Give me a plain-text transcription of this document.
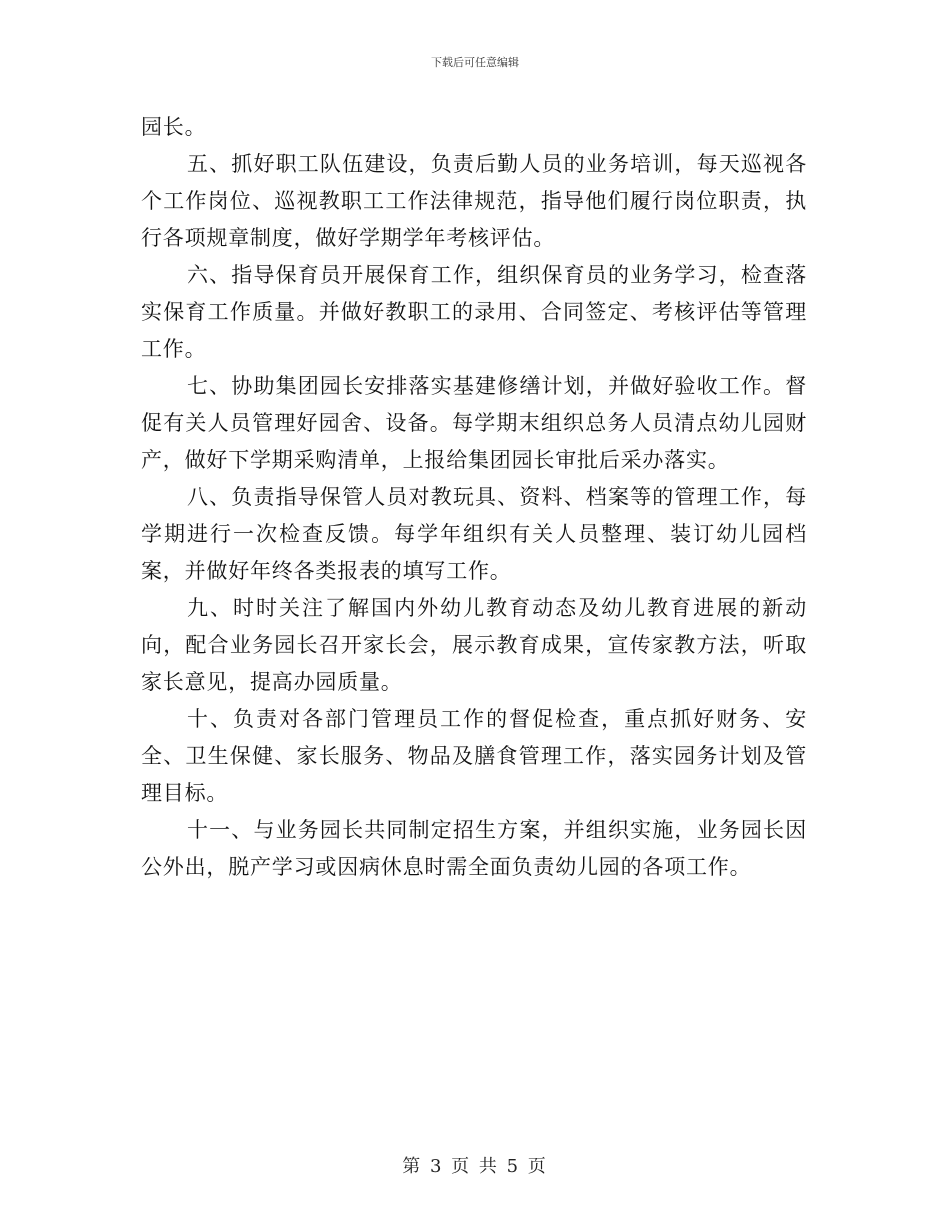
下载后可任意编辑

园长。

五、抓好职工队伍建设，负责后勤人员的业务培训，每天巡视各个工作岗位、巡视教职工工作法律规范，指导他们履行岗位职责，执行各项规章制度，做好学期学年考核评估。

六、指导保育员开展保育工作，组织保育员的业务学习，检查落实保育工作质量。并做好教职工的录用、合同签定、考核评估等管理工作。

七、协助集团园长安排落实基建修缮计划，并做好验收工作。督促有关人员管理好园舍、设备。每学期末组织总务人员清点幼儿园财产，做好下学期采购清单，上报给集团园长审批后采办落实。

八、负责指导保管人员对教玩具、资料、档案等的管理工作，每学期进行一次检查反馈。每学年组织有关人员整理、装订幼儿园档案，并做好年终各类报表的填写工作。

九、时时关注了解国内外幼儿教育动态及幼儿教育进展的新动向，配合业务园长召开家长会，展示教育成果，宣传家教方法，听取家长意见，提高办园质量。

十、负责对各部门管理员工作的督促检查，重点抓好财务、安全、卫生保健、家长服务、物品及膳食管理工作，落实园务计划及管理目标。

十一、与业务园长共同制定招生方案，并组织实施，业务园长因公外出，脱产学习或因病休息时需全面负责幼儿园的各项工作。

第 3 页 共 5 页
